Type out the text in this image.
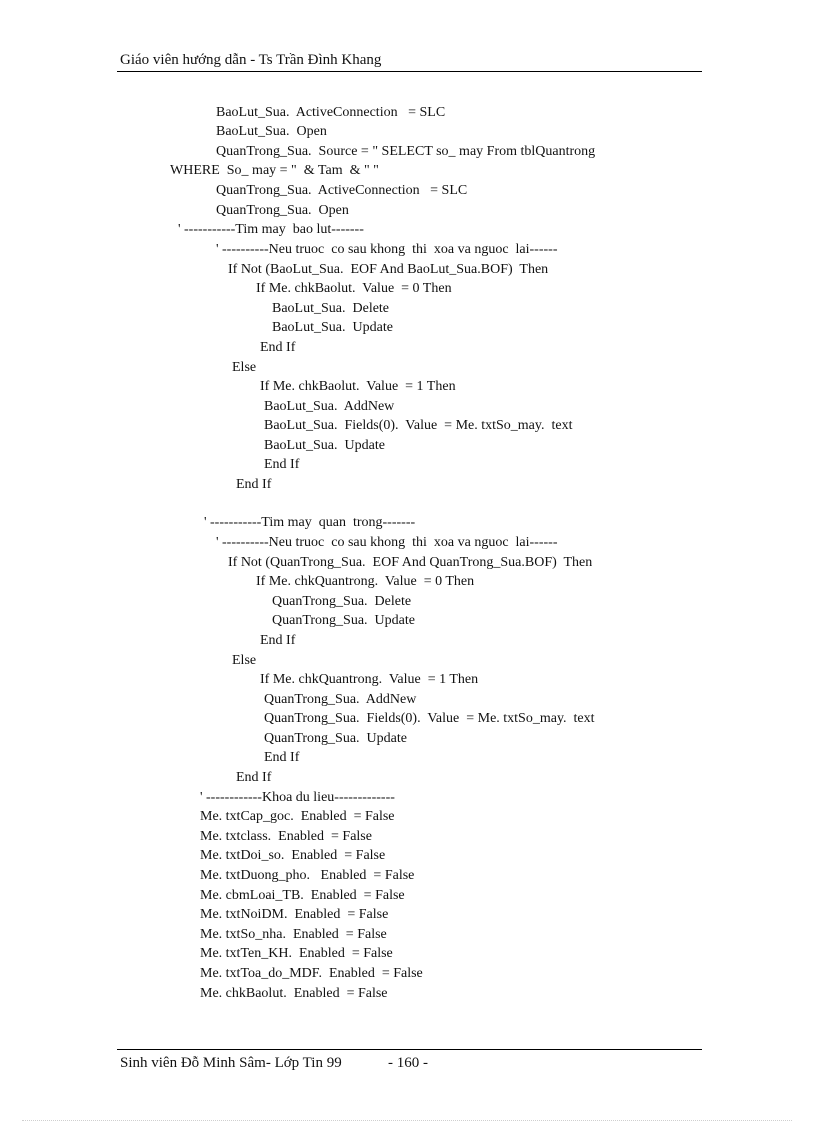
Giáo viên hướng dẫn - Ts Trần Đình Khang
BaoLut_Sua.  ActiveConnection   = SLC
BaoLut_Sua.  Open
QuanTrong_Sua.  Source = " SELECT so_ may From tblQuantrong
WHERE  So_ may = "  & Tam  & " "
QuanTrong_Sua.  ActiveConnection   = SLC
QuanTrong_Sua.  Open
' -----------Tim may  bao lut-------
' ----------Neu truoc  co sau khong  thi  xoa va nguoc  lai------
If Not (BaoLut_Sua.  EOF And BaoLut_Sua.BOF)  Then
If Me. chkBaolut.  Value  = 0 Then
BaoLut_Sua.  Delete
BaoLut_Sua.  Update
End If
Else
If Me. chkBaolut.  Value  = 1 Then
BaoLut_Sua.  AddNew
BaoLut_Sua.  Fields(0).  Value  = Me. txtSo_may.  text
BaoLut_Sua.  Update
End If
End If
' -----------Tim may  quan  trong-------
' ----------Neu truoc  co sau khong  thi  xoa va nguoc  lai------
If Not (QuanTrong_Sua.  EOF And QuanTrong_Sua.BOF)  Then
If Me. chkQuantrong.  Value  = 0 Then
QuanTrong_Sua.  Delete
QuanTrong_Sua.  Update
End If
Else
If Me. chkQuantrong.  Value  = 1 Then
QuanTrong_Sua.  AddNew
QuanTrong_Sua.  Fields(0).  Value  = Me. txtSo_may.  text
QuanTrong_Sua.  Update
End If
End If
' ------------Khoa du lieu-------------
Me. txtCap_goc.  Enabled  = False
Me. txtclass.  Enabled  = False
Me. txtDoi_so.  Enabled  = False
Me. txtDuong_pho.   Enabled  = False
Me. cbmLoai_TB.  Enabled  = False
Me. txtNoiDM.  Enabled  = False
Me. txtSo_nha.  Enabled  = False
Me. txtTen_KH.  Enabled  = False
Me. txtToa_do_MDF.  Enabled  = False
Me. chkBaolut.  Enabled  = False
Sinh viên Đỗ Minh Sâm- Lớp Tin 99	- 160 -
